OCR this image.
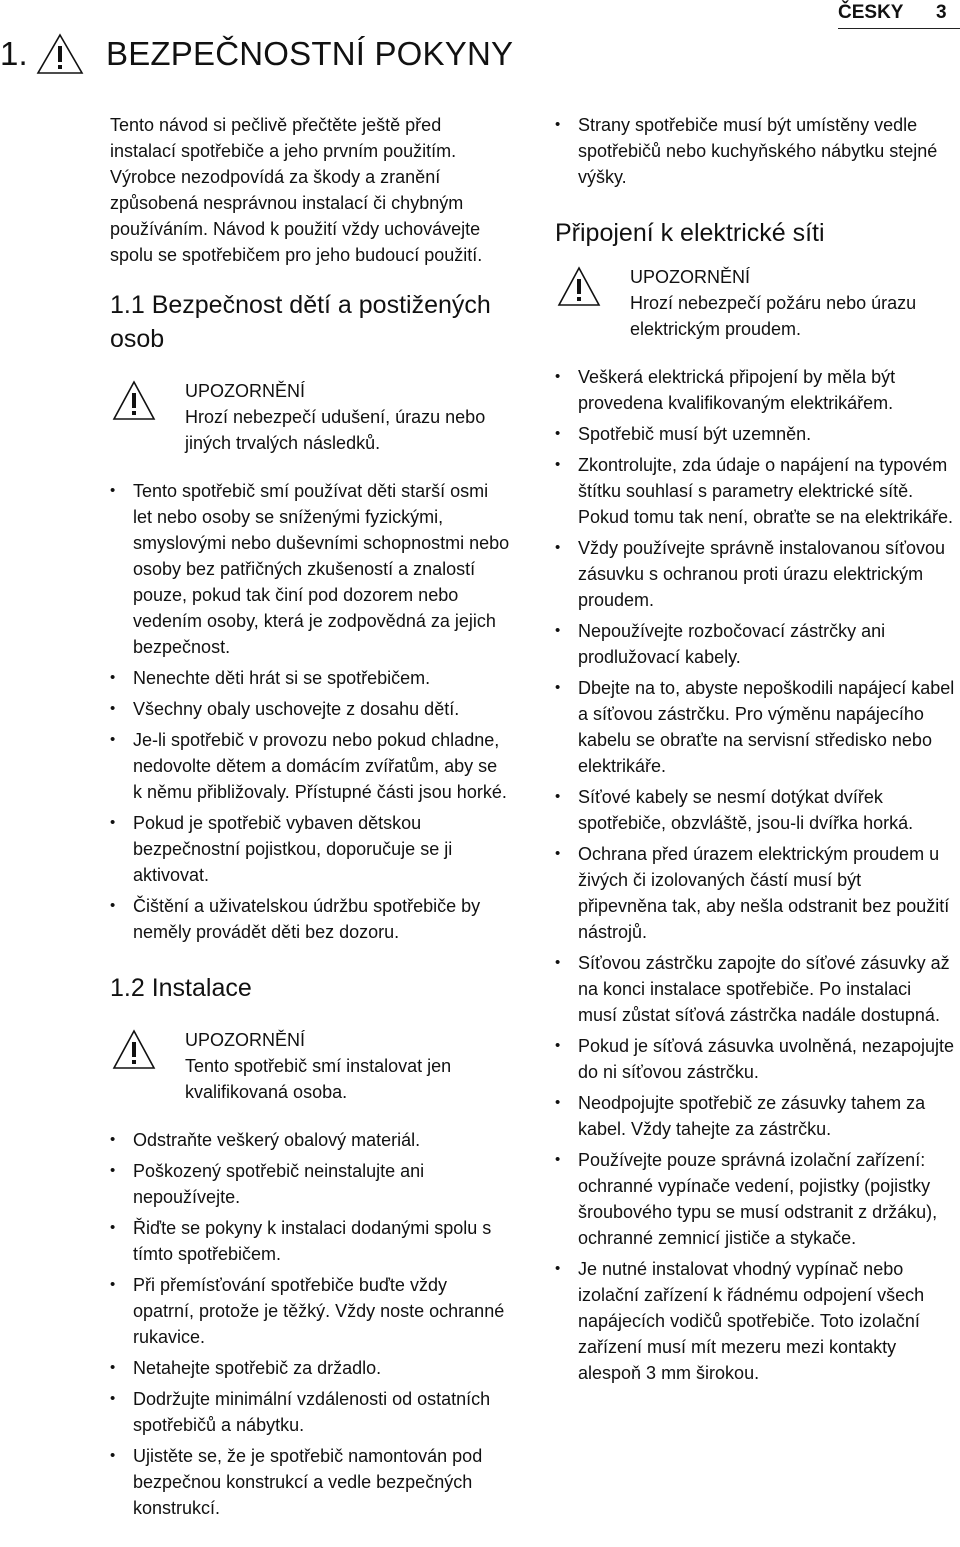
ČESKY 3
1. BEZPEČNOSTNÍ POKYNY

Tento návod si pečlivě přečtěte ještě před instalací spotřebiče a jeho prvním použitím. Výrobce nezodpovídá za škody a zranění způsobená nesprávnou instalací či chybným používáním. Návod k použití vždy uchovávejte spolu se spotřebičem pro jeho budoucí použití.

1.1 Bezpečnost dětí a postižených osob
UPOZORNĚNÍ
Hrozí nebezpečí udušení, úrazu nebo jiných trvalých následků.
• Tento spotřebič smí používat děti starší osmi let nebo osoby se sníženými fyzickými, smyslovými nebo duševními schopnostmi nebo osoby bez patřičných zkušeností a znalostí pouze, pokud tak činí pod dozorem nebo vedením osoby, která je zodpovědná za jejich bezpečnost.
• Nenechte děti hrát si se spotřebičem.
• Všechny obaly uschovejte z dosahu dětí.
• Je-li spotřebič v provozu nebo pokud chladne, nedovolte dětem a domácím zvířatům, aby se k němu přibližovaly. Přístupné části jsou horké.
• Pokud je spotřebič vybaven dětskou bezpečnostní pojistkou, doporučuje se ji aktivovat.
• Čištění a uživatelskou údržbu spotřebiče by neměly provádět děti bez dozoru.
1.2 Instalace
UPOZORNĚNÍ
Tento spotřebič smí instalovat jen kvalifikovaná osoba.
• Odstraňte veškerý obalový materiál.
• Poškozený spotřebič neinstalujte ani nepoužívejte.
• Řiďte se pokyny k instalaci dodanými spolu s tímto spotřebičem.
• Při přemísťování spotřebiče buďte vždy opatrní, protože je těžký. Vždy noste ochranné rukavice.
• Netahejte spotřebič za držadlo.
• Dodržujte minimální vzdálenosti od ostatních spotřebičů a nábytku.
• Ujistěte se, že je spotřebič namontován pod bezpečnou konstrukcí a vedle bezpečných konstrukcí.
• Strany spotřebiče musí být umístěny vedle spotřebičů nebo kuchyňského nábytku stejné výšky.
Připojení k elektrické síti
UPOZORNĚNÍ
Hrozí nebezpečí požáru nebo úrazu elektrickým proudem.
• Veškerá elektrická připojení by měla být provedena kvalifikovaným elektrikářem.
• Spotřebič musí být uzemněn.
• Zkontrolujte, zda údaje o napájení na typovém štítku souhlasí s parametry elektrické sítě. Pokud tomu tak není, obraťte se na elektrikáře.
• Vždy používejte správně instalovanou síťovou zásuvku s ochranou proti úrazu elektrickým proudem.
• Nepoužívejte rozbočovací zástrčky ani prodlužovací kabely.
• Dbejte na to, abyste nepoškodili napájecí kabel a síťovou zástrčku. Pro výměnu napájecího kabelu se obraťte na servisní středisko nebo elektrikáře.
• Síťové kabely se nesmí dotýkat dvířek spotřebiče, obzvláště, jsou-li dvířka horká.
• Ochrana před úrazem elektrickým proudem u živých či izolovaných částí musí být připevněna tak, aby nešla odstranit bez použití nástrojů.
• Síťovou zástrčku zapojte do síťové zásuvky až na konci instalace spotřebiče. Po instalaci musí zůstat síťová zástrčka nadále dostupná.
• Pokud je síťová zásuvka uvolněná, nezapojujte do ni síťovou zástrčku.
• Neodpojujte spotřebič ze zásuvky tahem za kabel. Vždy tahejte za zástrčku.
• Používejte pouze správná izolační zařízení: ochranné vypínače vedení, pojistky (pojistky šroubového typu se musí odstranit z držáku), ochranné zemnicí jističe a stykače.
• Je nutné instalovat vhodný vypínač nebo izolační zařízení k řádnému odpojení všech napájecích vodičů spotřebiče. Toto izolační zařízení musí mít mezeru mezi kontakty alespoň 3 mm širokou.
